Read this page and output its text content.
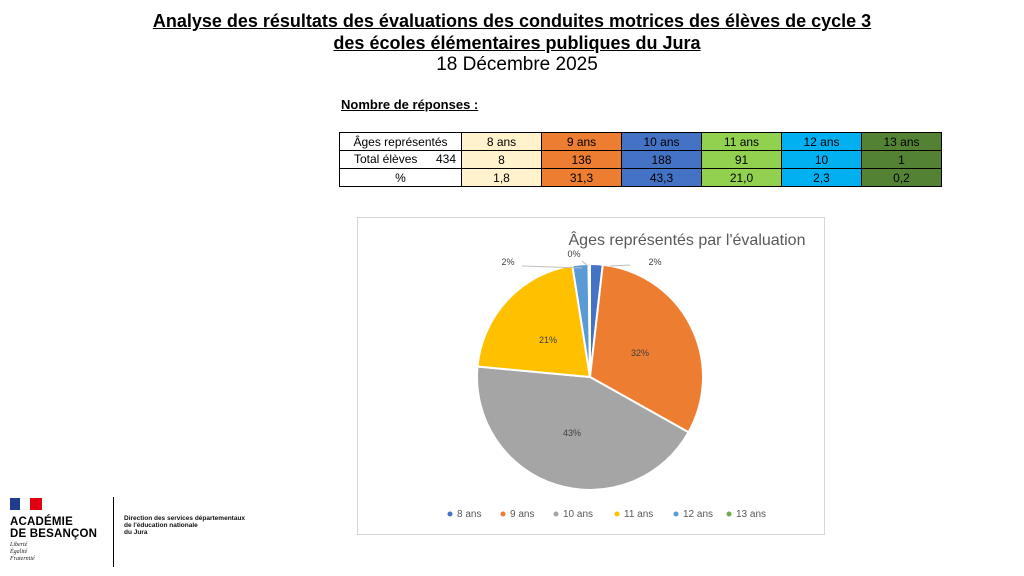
Analyse des résultats des évaluations des conduites motrices des élèves de cycle 3
des écoles élémentaires publiques du Jura
18 Décembre 2025
Nombre de réponses :
Âges représentés	8 ans	9 ans	10 ans	11 ans	12 ans	13 ans

Total élèves 434	8	136	188	91	10	1
%	1,8	31,3	43,3	21,0	2,3	0,2
Âges représentés par l'évaluation
2%
32%
43%
21%
2%
0%
8 ans	9 ans	10 ans	11 ans	12 ans 13 ans
ACADÉMIE
DE BESANÇON
Liberté
Égalité
Fraternité
Direction des services départementaux
de l'éducation nationale
du Jura
